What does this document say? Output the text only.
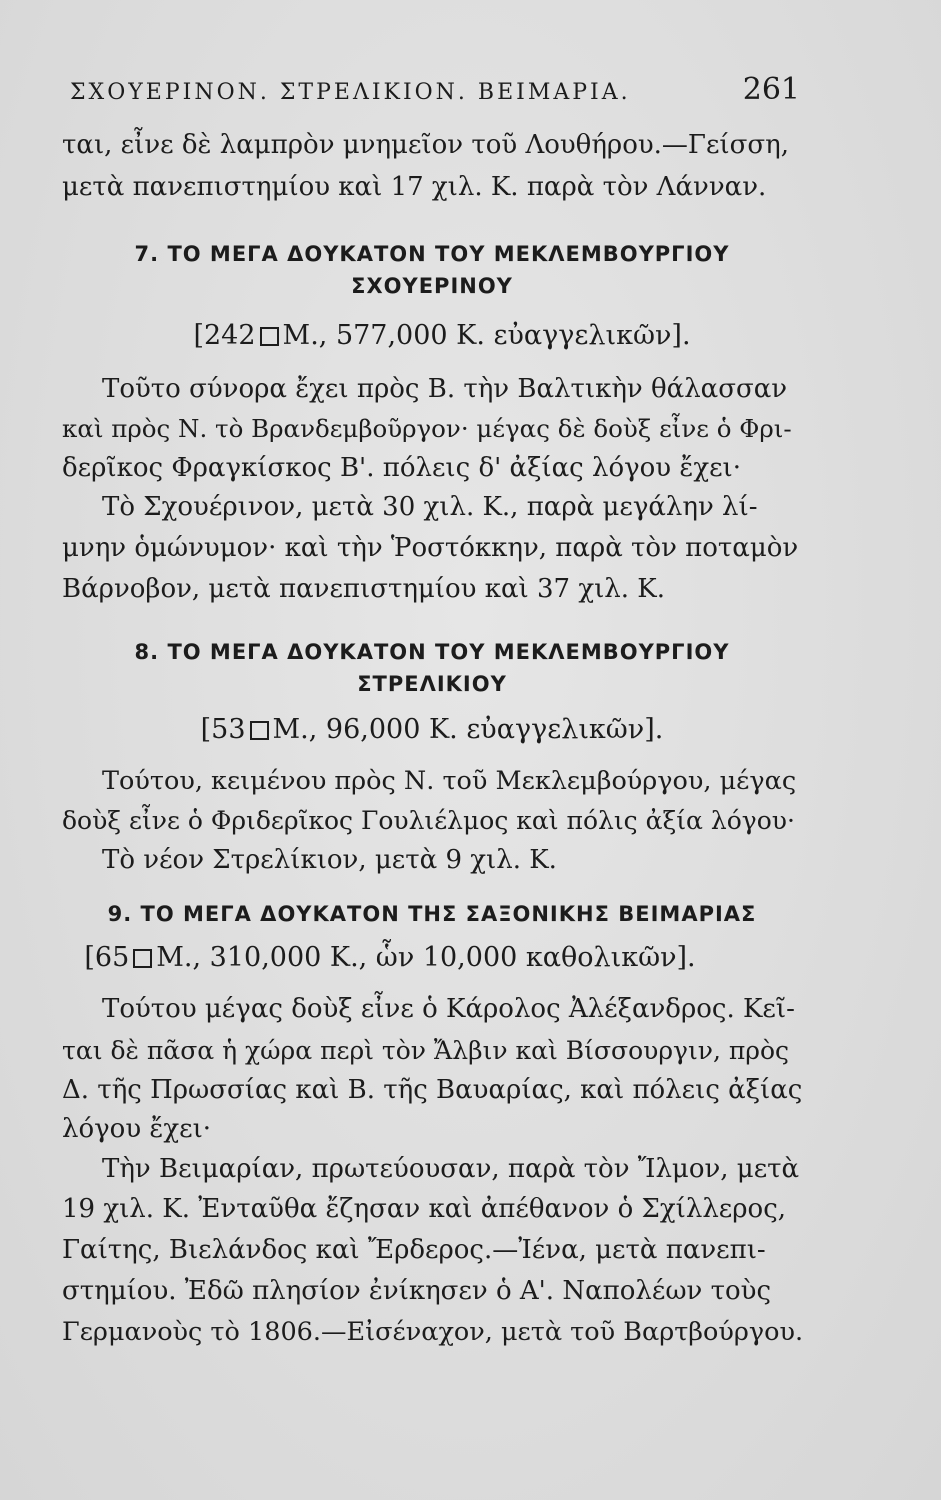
ΣΧΟΥΕΡΙΝΟΝ. ΣΤΡΕΛΙΚΙΟΝ. ΒΕΙΜΑΡΙΑ.	261
ται, εἶνε δὲ λαμπρὸν μνημεῖον τοῦ Λουθήρου.—Γείσση,
μετὰ πανεπιστημίου καὶ 17 χιλ. Κ. παρὰ τὸν Λάνναν.
7. ΤΟ ΜΕΓΑ ΔΟΥΚΑΤΟΝ ΤΟΥ ΜΕΚΛΕΜΒΟΥΡΓΙΟΥ
ΣΧΟΥΕΡΙΝΟΥ
[242 Μ., 577,000 Κ. εὐαγγελικῶν].
Τοῦτο σύνορα ἔχει πρὸς Β. τὴν Βαλτικὴν θάλασσαν
καὶ πρὸς Ν. τὸ Βρανδεμβοῦργον· μέγας δὲ δοὺξ εἶνε ὁ Φρι-
δερῖκος Φραγκίσκος Β'. πόλεις δ' ἀξίας λόγου ἔχει·
Τὸ Σχουέρινον, μετὰ 30 χιλ. Κ., παρὰ μεγάλην λί-
μνην ὁμώνυμον· καὶ τὴν Ῥοστόκκην, παρὰ τὸν ποταμὸν
Βάρνοβον, μετὰ πανεπιστημίου καὶ 37 χιλ. Κ.
8. ΤΟ ΜΕΓΑ ΔΟΥΚΑΤΟΝ ΤΟΥ ΜΕΚΛΕΜΒΟΥΡΓΙΟΥ
ΣΤΡΕΛΙΚΙΟΥ
[53 Μ., 96,000 Κ. εὐαγγελικῶν].
Τούτου, κειμένου πρὸς Ν. τοῦ Μεκλεμβούργου, μέγας
δοὺξ εἶνε ὁ Φριδερῖκος Γουλιέλμος καὶ πόλις ἀξία λόγου·
Τὸ νέον Στρελίκιον, μετὰ 9 χιλ. Κ.
9. ΤΟ ΜΕΓΑ ΔΟΥΚΑΤΟΝ ΤΗΣ ΣΑΞΟΝΙΚΗΣ ΒΕΙΜΑΡΙΑΣ
[65 Μ., 310,000 Κ., ὧν 10,000 καθολικῶν].
Τούτου μέγας δοὺξ εἶνε ὁ Κάρολος Ἀλέξανδρος. Κεῖ-
ται δὲ πᾶσα ἡ χώρα περὶ τὸν Ἄλβιν καὶ Βίσσουργιν, πρὸς
Δ. τῆς Πρωσσίας καὶ Β. τῆς Βαυαρίας, καὶ πόλεις ἀξίας
λόγου ἔχει·
Τὴν Βειμαρίαν, πρωτεύουσαν, παρὰ τὸν Ἴλμον, μετὰ
19 χιλ. Κ. Ἐνταῦθα ἔζησαν καὶ ἀπέθανον ὁ Σχίλλερος,
Γαίτης, Βιελάνδος καὶ Ἔρδερος.—Ἰένα, μετὰ πανεπι-
στημίου. Ἐδῶ πλησίον ἐνίκησεν ὁ Α'. Ναπολέων τοὺς
Γερμανοὺς τὸ 1806.—Εἰσέναχον, μετὰ τοῦ Βαρτβούργου.
